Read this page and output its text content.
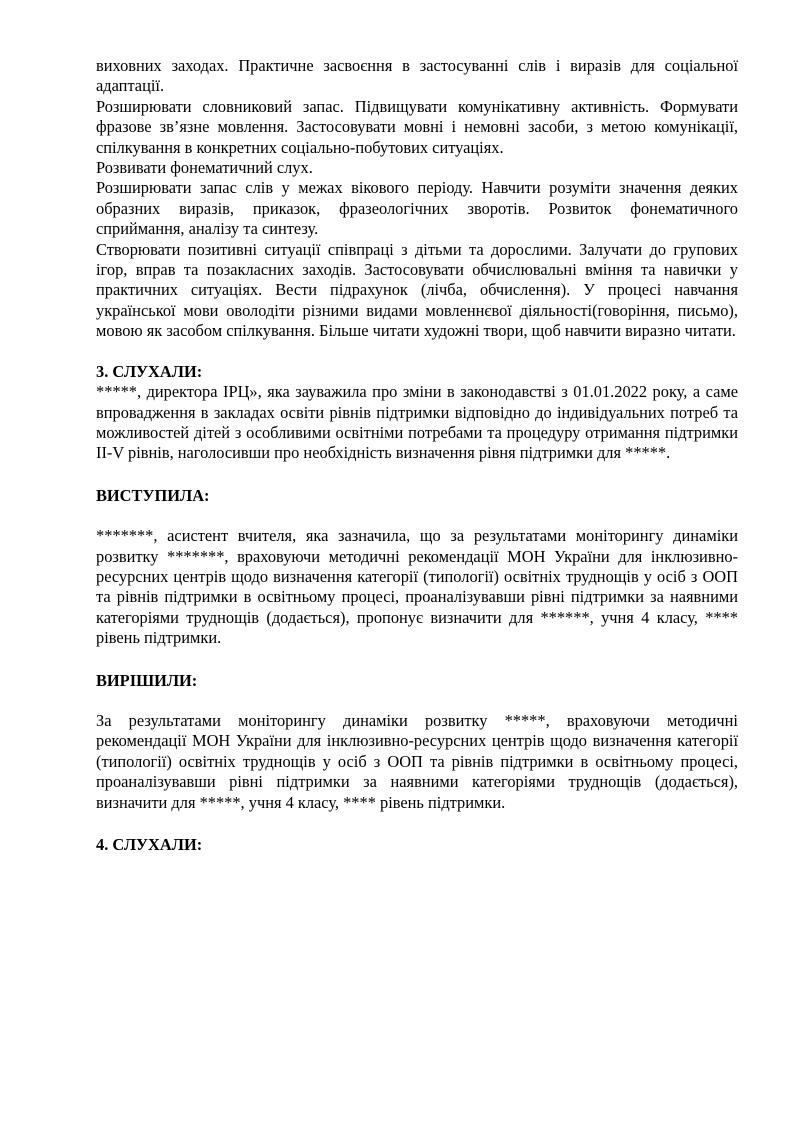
виховних заходах. Практичне засвоєння в застосуванні слів і виразів для соціальної адаптації.

Розширювати словниковий запас. Підвищувати комунікативну активність. Формувати фразове зв’язне мовлення. Застосовувати мовні і немовні засоби, з метою комунікації, спілкування в конкретних соціально-побутових ситуаціях.

Розвивати фонематичний слух.

Розширювати запас слів у межах вікового періоду. Навчити розуміти значення деяких образних виразів, приказок, фразеологічних зворотів. Розвиток фонематичного сприймання, аналізу та синтезу.

Створювати позитивні ситуації співпраці з дітьми та дорослими. Залучати до групових ігор, вправ та позакласних заходів. Застосовувати обчислювальні вміння та навички у практичних ситуаціях. Вести підрахунок (лічба, обчислення). У процесі навчання української мови оволодіти різними видами мовленнєвої діяльності(говоріння, письмо), мовою як засобом спілкування. Більше читати художні твори, щоб навчити виразно читати.

3. СЛУХАЛИ:

*****, директора ІРЦ», яка зауважила про зміни в законодавстві з 01.01.2022 року, а саме впровадження в закладах освіти рівнів підтримки відповідно до індивідуальних потреб та можливостей дітей з особливими освітніми потребами та процедуру отримання підтримки ІІ-V рівнів, наголосивши про необхідність визначення рівня підтримки для *****.

ВИСТУПИЛА:

*******, асистент вчителя, яка зазначила, що за результатами моніторингу динаміки розвитку *******, враховуючи методичні рекомендації МОН України для інклюзивно-ресурсних центрів щодо визначення категорії (типології) освітніх труднощів у осіб з ООП та рівнів підтримки в освітньому процесі, проаналізувавши рівні підтримки за наявними категоріями труднощів (додається), пропонує визначити для ******, учня 4 класу, **** рівень підтримки.

ВИРІШИЛИ:

За результатами моніторингу динаміки розвитку *****, враховуючи методичні рекомендації МОН України для інклюзивно-ресурсних центрів щодо визначення категорії (типології) освітніх труднощів у осіб з ООП та рівнів підтримки в освітньому процесі, проаналізувавши рівні підтримки за наявними категоріями труднощів (додається), визначити для *****, учня 4 класу, **** рівень підтримки.

4. СЛУХАЛИ:
